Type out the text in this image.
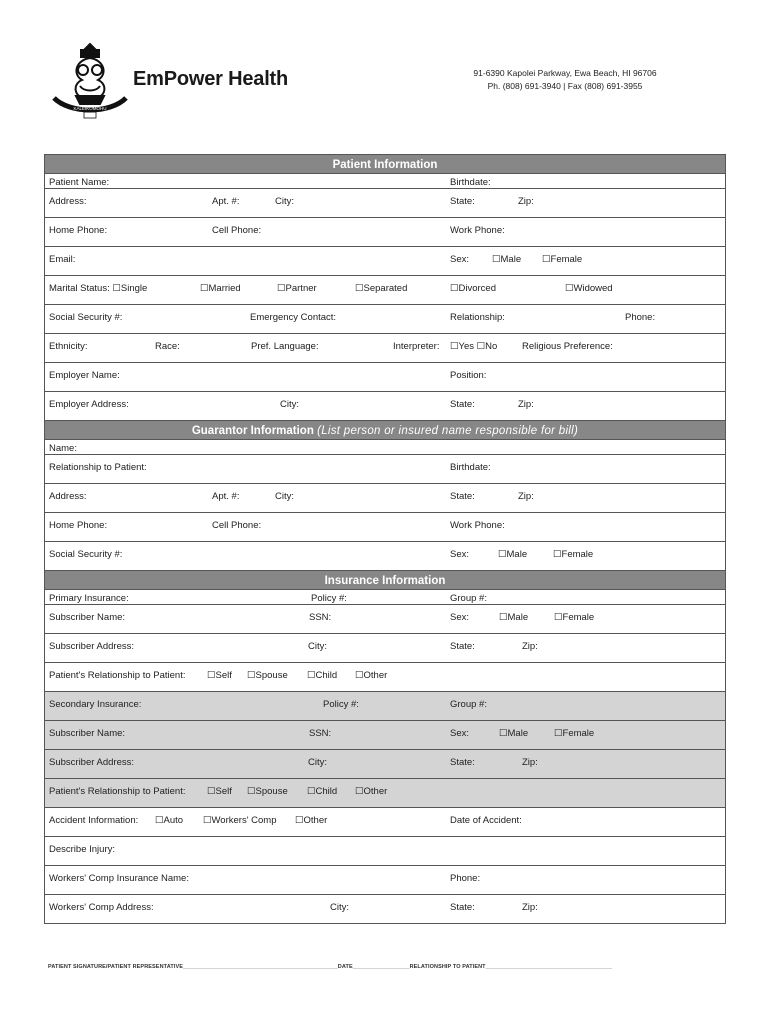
KALEIKOMOHU
EmPower Health	91-6390 Kapolei Parkway, Ewa Beach, HI 96706
Ph. (808) 691-3940 | Fax (808) 691-3955
Patient Information
Patient Name:	Birthdate:
Address:	Apt. #:	City:	State:	Zip:
Home Phone:	Cell Phone:	Work Phone:
Email:	Sex: ☐Male ☐Female
Marital Status: ☐Single	☐Married	☐Partner	☐Separated	☐Divorced	☐Widowed
Social Security #:	Emergency Contact:	Relationship:	Phone:
Ethnicity:	Race:	Pref. Language:	Interpreter: ☐Yes ☐No	Religious Preference:
Employer Name:	Position:
Employer Address:	City:	State:	Zip:
Guarantor Information (List person or insured name responsible for bill)
Name:
Relationship to Patient:	Birthdate:
Address:	Apt. #:	City:	State:	Zip:
Home Phone:	Cell Phone:	Work Phone:
Social Security #:	Sex:	☐Male	☐Female
Insurance Information
Primary Insurance:	Policy #:	Group #:
Subscriber Name:	SSN:	Sex:	☐Male	☐Female
Subscriber Address:	City:	State:	Zip:
Patient's Relationship to Patient: ☐Self ☐Spouse ☐Child ☐Other
Secondary Insurance:	Policy #:	Group #:
Subscriber Name:	SSN:	Sex:	☐Male	☐Female
Subscriber Address:	City:	State:	Zip:
Patient's Relationship to Patient: ☐Self ☐Spouse ☐Child ☐Other
Accident Information: ☐Auto ☐Workers' Comp ☐Other	Date of Accident:
Describe Injury:
Workers' Comp Insurance Name:	Phone:
Workers' Comp Address:	City:	State:	Zip:
PATIENT SIGNATURE/PATIENT REPRESENTATIVE_________________________________________________DATE__________________RELATIONSHIP TO PATIENT________________________________________
